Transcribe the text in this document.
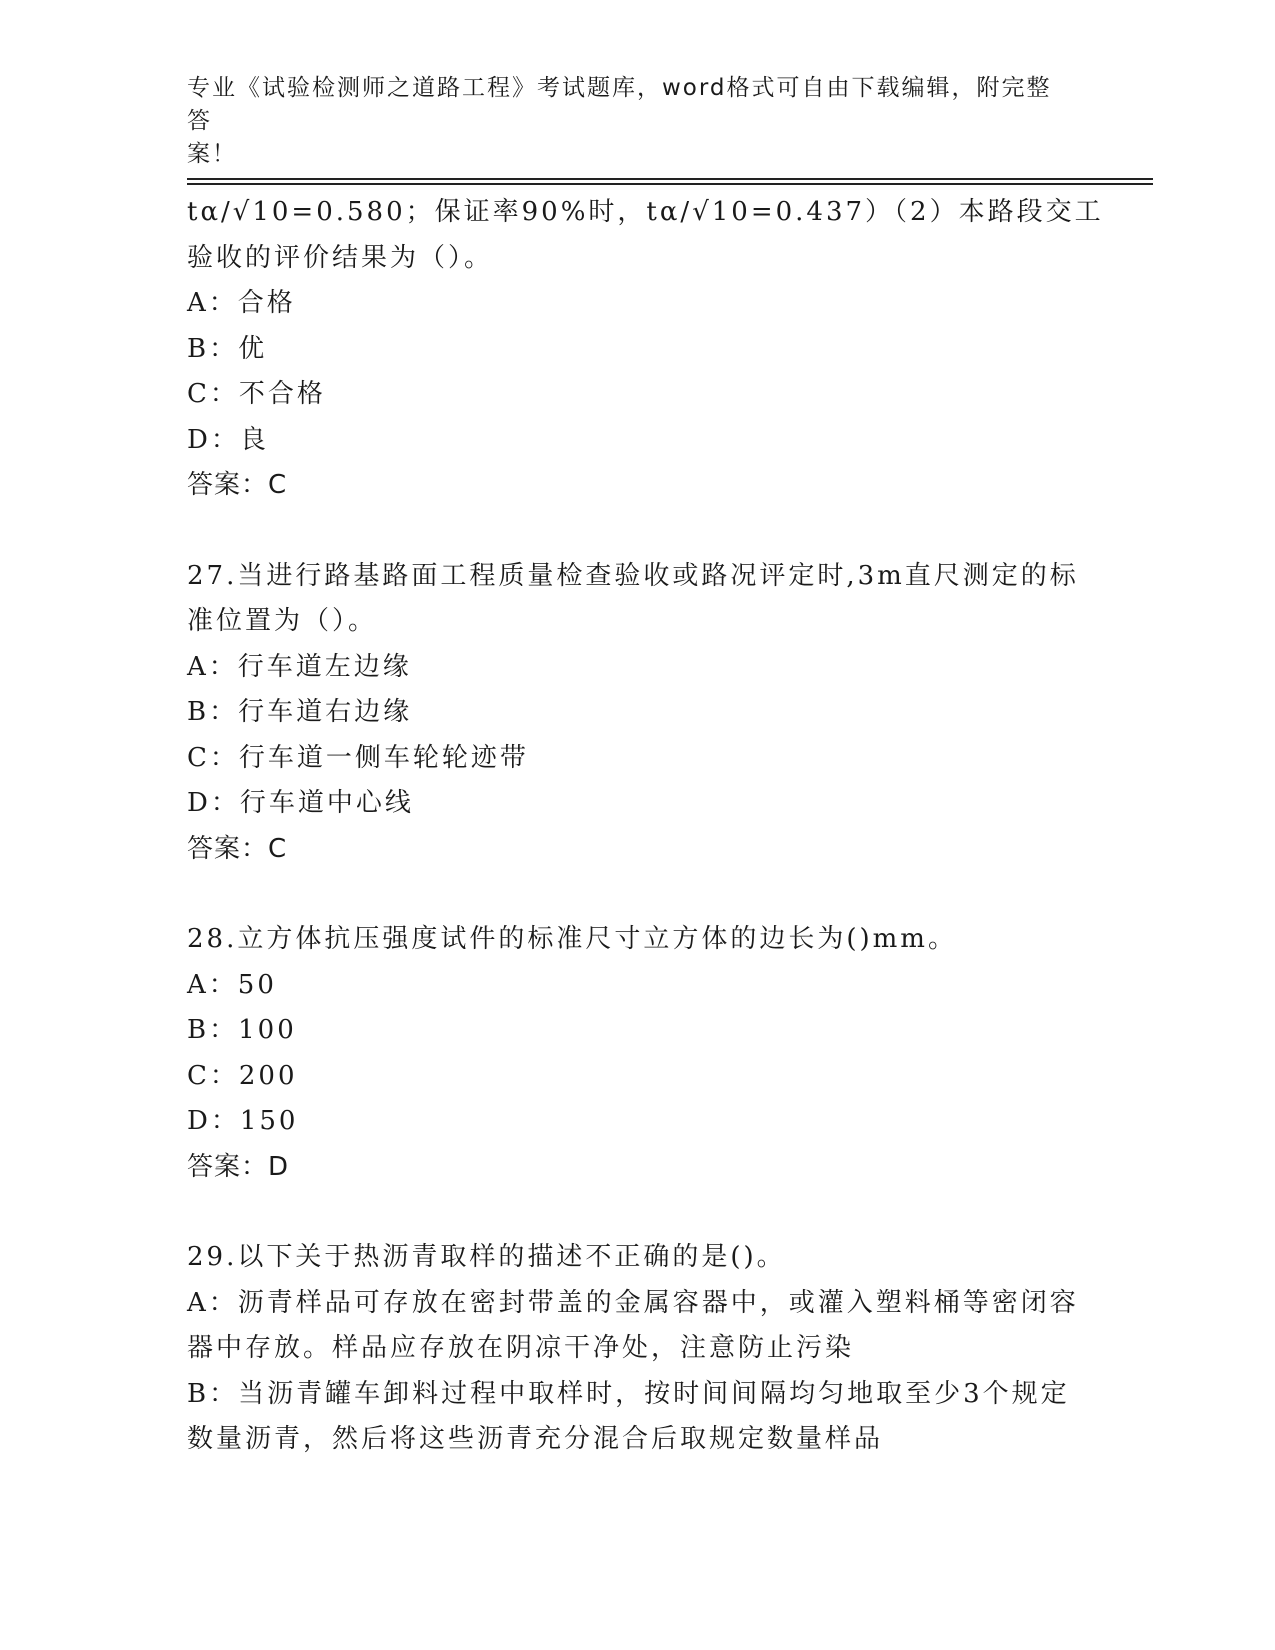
专业《试验检测师之道路工程》考试题库，word格式可自由下载编辑，附完整答
案！
tα/√10=0.580；保证率90%时，tα/√10=0.437）（2）本路段交工
验收的评价结果为（）。
A：合格
B：优
C：不合格
D：良
答案：C
27.当进行路基路面工程质量检查验收或路况评定时,3m直尺测定的标
准位置为（）。
A：行车道左边缘
B：行车道右边缘
C：行车道一侧车轮轮迹带
D：行车道中心线
答案：C
28.立方体抗压强度试件的标准尺寸立方体的边长为()mm。
A：50
B：100
C：200
D：150
答案：D
29.以下关于热沥青取样的描述不正确的是()。
A：沥青样品可存放在密封带盖的金属容器中，或灌入塑料桶等密闭容
器中存放。样品应存放在阴凉干净处，注意防止污染
B：当沥青罐车卸料过程中取样时，按时间间隔均匀地取至少3个规定
数量沥青，然后将这些沥青充分混合后取规定数量样品
